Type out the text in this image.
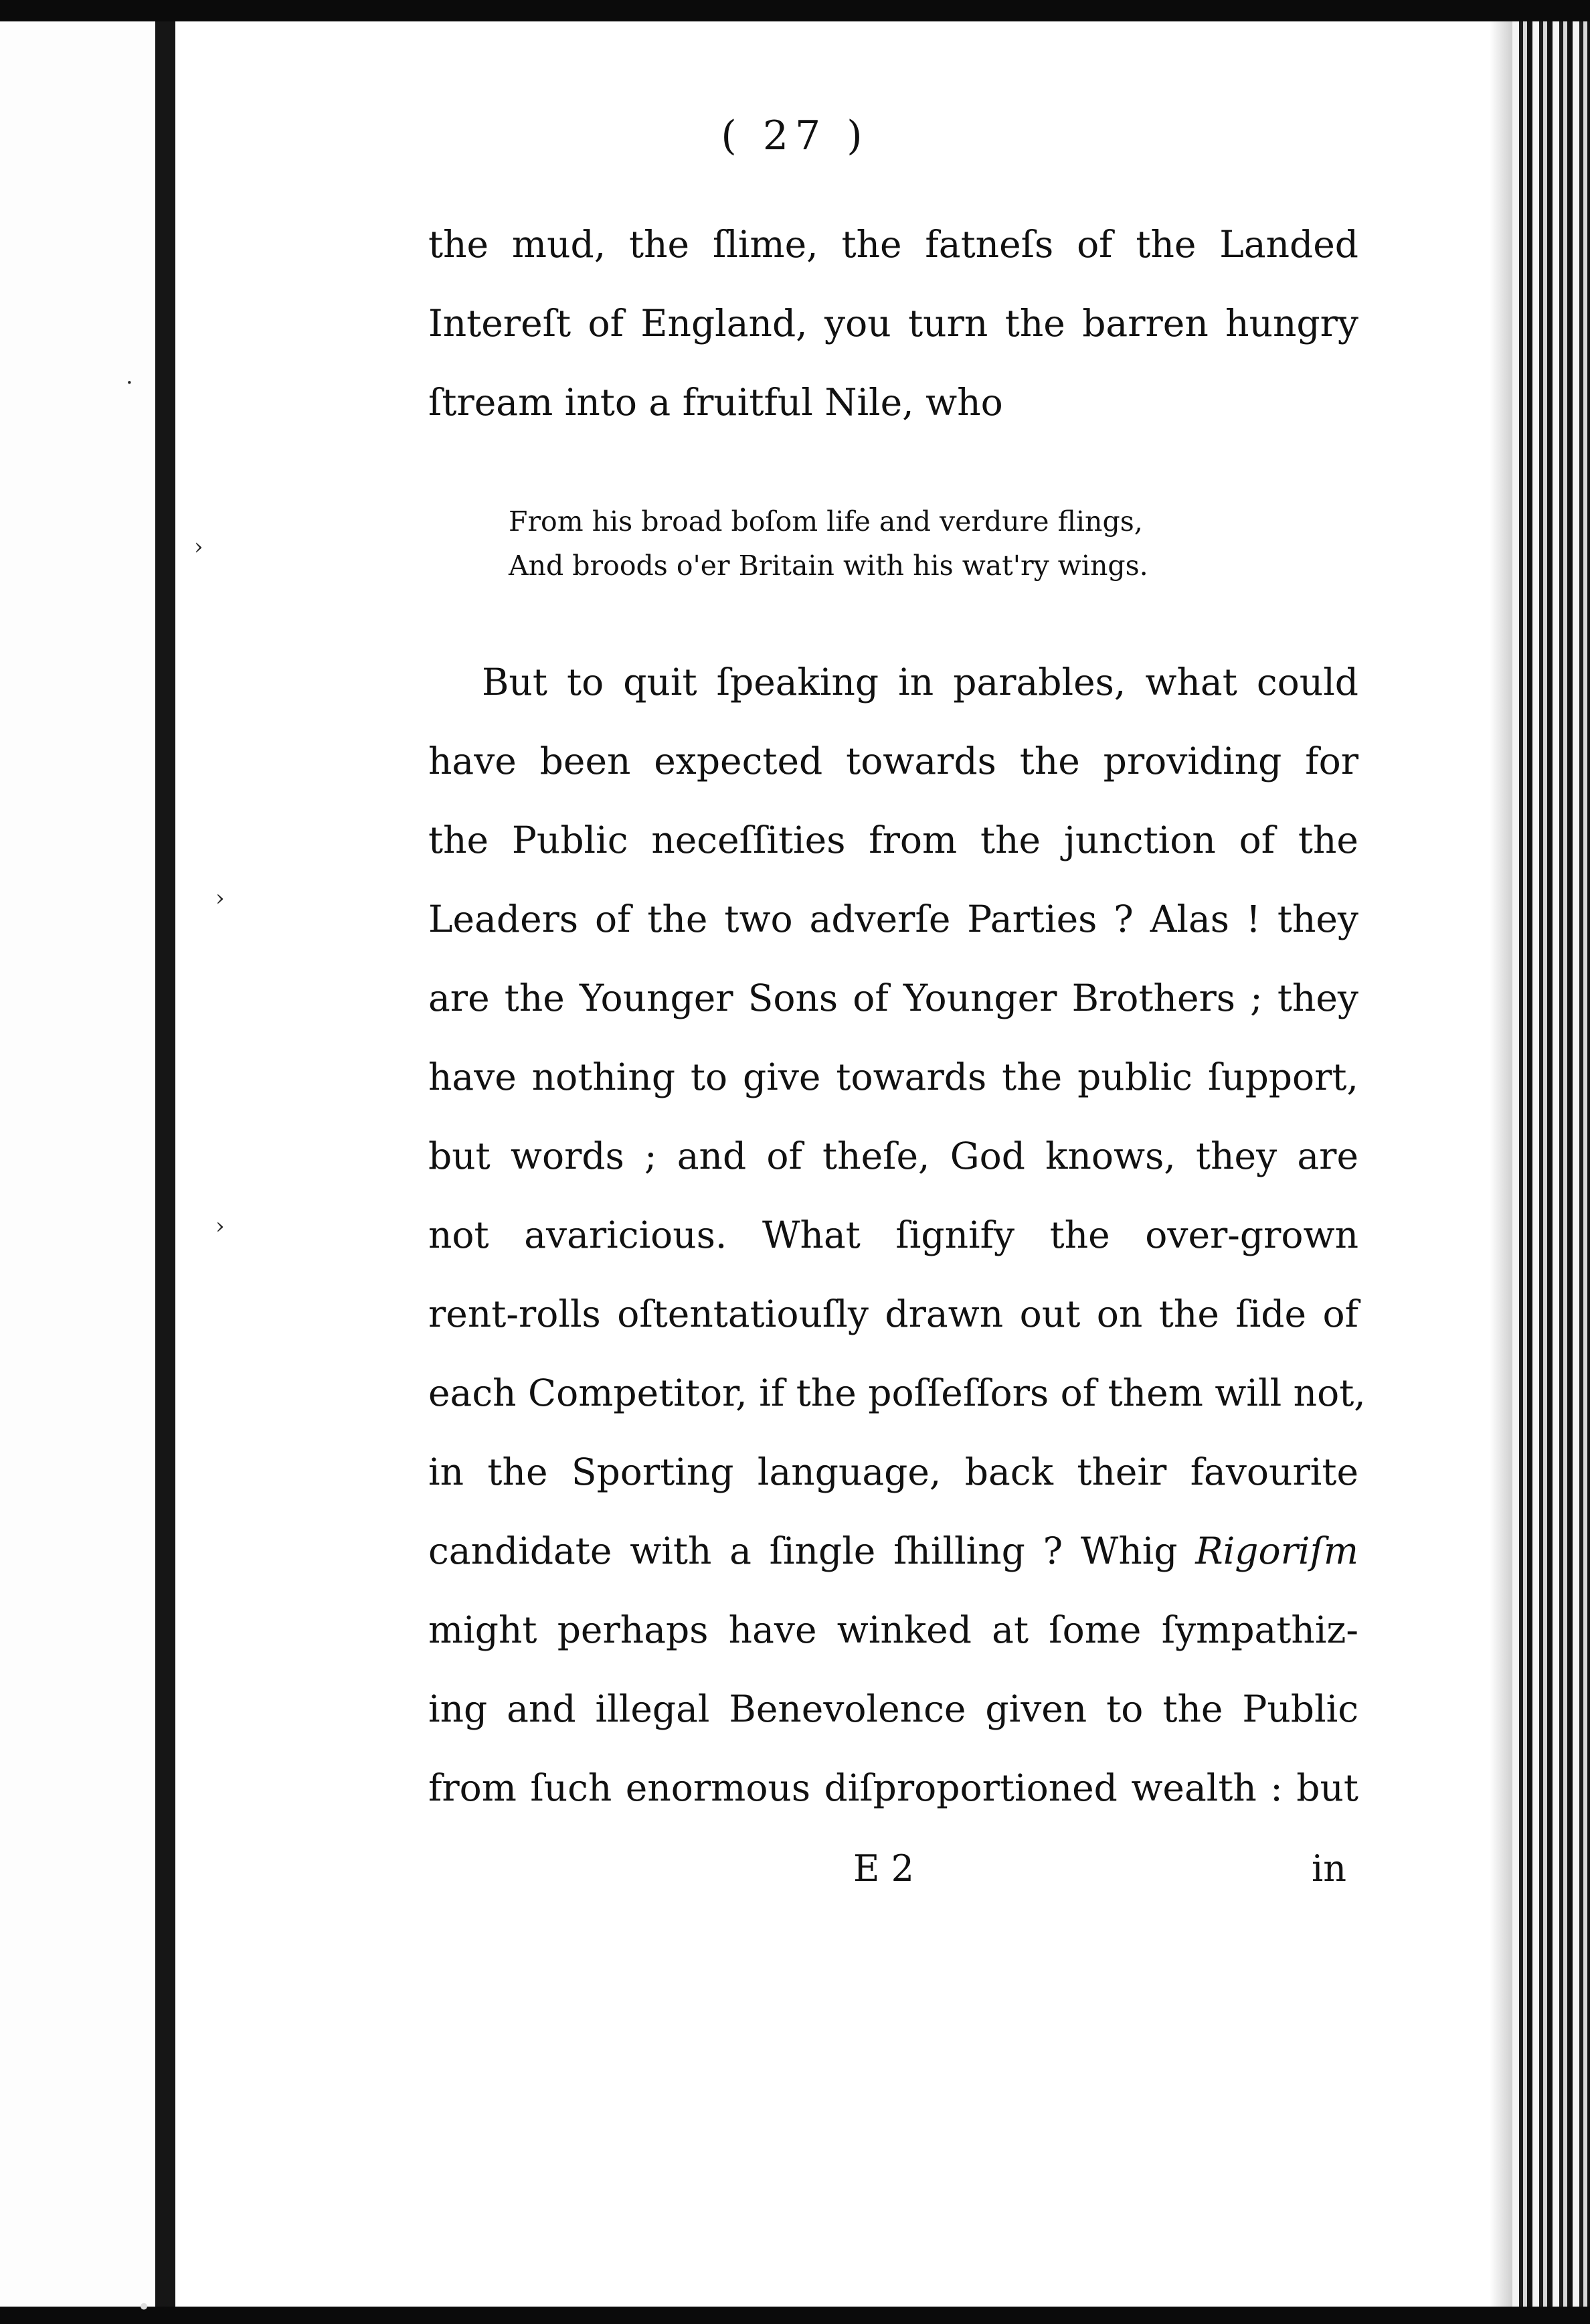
·
›
›
›
•
( 27 )
the mud, the ſlime, the fatneſs of the Landed
Intereſt of England, you turn the barren hungry
ſtream into a fruitful Nile, who
From his broad boſom life and verdure flings,
And broods o'er Britain with his wat'ry wings.
But to quit ſpeaking in parables, what could
have been expected towards the providing for
the Public neceſſities from the junction of the
Leaders of the two adverſe Parties ? Alas ! they
are the Younger Sons of Younger Brothers ; they
have nothing to give towards the public ſupport,
but words ; and of theſe, God knows, they are
not avaricious. What ſignify the over-grown
rent-rolls oſtentatiouſly drawn out on the ſide of
each Competitor, if the poſſeſſors of them will not,
in the Sporting language, back their favourite
candidate with a ſingle ſhilling ? Whig Rigoriſm
might perhaps have winked at ſome ſympathiz-
ing and illegal Benevolence given to the Public
from ſuch enormous diſproportioned wealth : but
E 2	in
